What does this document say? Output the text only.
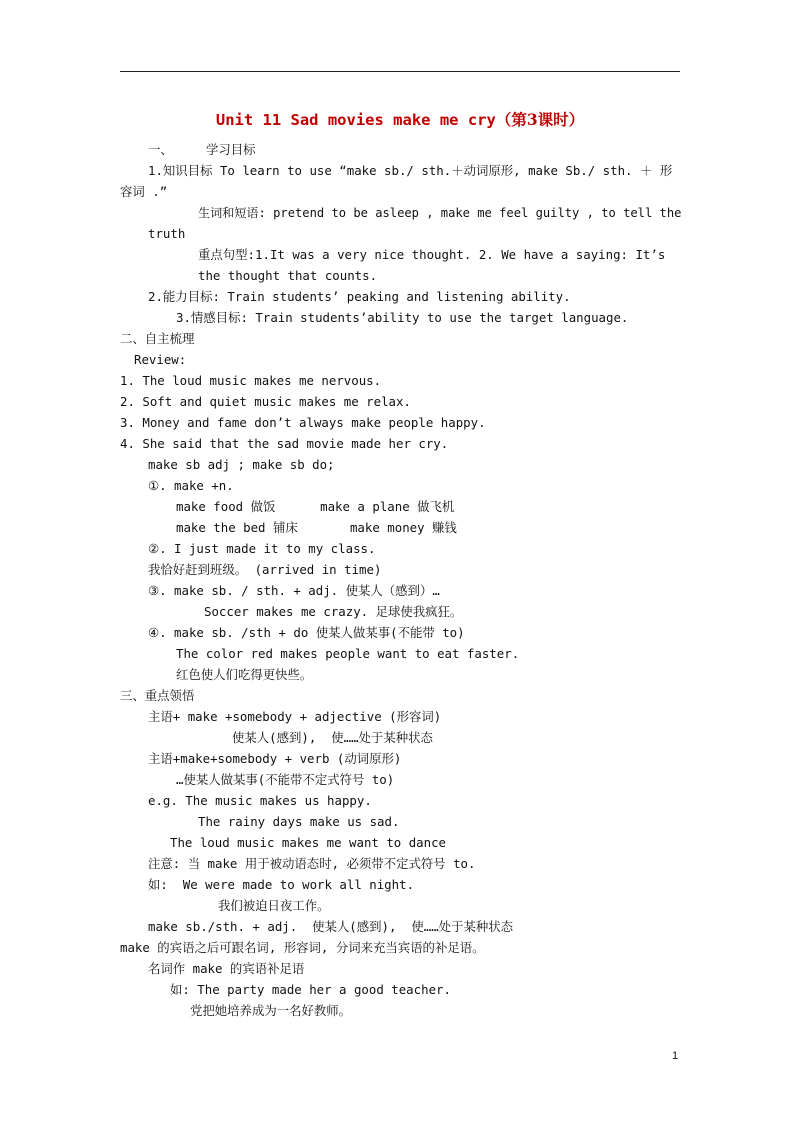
Unit 11 Sad movies make me cry（第3课时）
一、	学习目标
1.知识目标 To learn to use “make sb./ sth.＋动词原形, make Sb./ sth. ＋ 形
容词 .”
生词和短语: pretend to be asleep , make me feel guilty , to tell the
truth
重点句型:1.It was a very nice thought. 2. We have a saying: It’s
the thought that counts.
2.能力目标: Train students’ peaking and listening ability.
3.情感目标: Train students’ability to use the target language.
二、自主梳理
Review:
1. The loud music makes me nervous.
2. Soft and quiet music makes me relax.
3. Money and fame don’t always make people happy.
4. She said that the sad movie made her cry.
make sb adj ; make sb do;
①. make +n.
make food 做饭      make a plane 做飞机
make the bed 铺床       make money 赚钱
②. I just made it to my class.
我恰好赶到班级。 (arrived in time)
③. make sb. / sth. + adj. 使某人（感到）…
Soccer makes me crazy. 足球使我疯狂。
④. make sb. /sth + do 使某人做某事(不能带 to)
The color red makes people want to eat faster.
红色使人们吃得更快些。
三、重点领悟
主语+ make +somebody + adjective (形容词)
使某人(感到),  使……处于某种状态
主语+make+somebody + verb (动词原形)
…使某人做某事(不能带不定式符号 to)
e.g. The music makes us happy.
The rainy days make us sad.
The loud music makes me want to dance
注意: 当 make 用于被动语态时, 必须带不定式符号 to.
如:  We were made to work all night.
我们被迫日夜工作。
make sb./sth. + adj.  使某人(感到),  使……处于某种状态
make 的宾语之后可跟名词, 形容词, 分词来充当宾语的补足语。
名词作 make 的宾语补足语
如: The party made her a good teacher.
党把她培养成为一名好教师。
1
